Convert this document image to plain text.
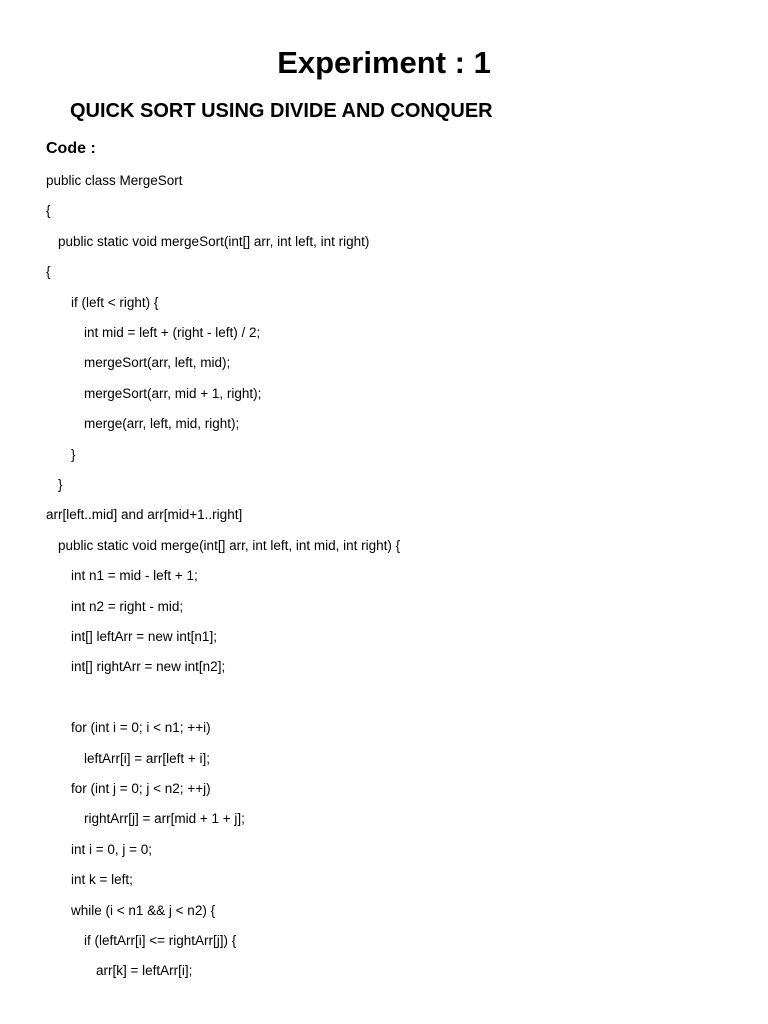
Experiment : 1
QUICK SORT USING DIVIDE AND CONQUER
Code :
public class MergeSort
{
public static void mergeSort(int[] arr, int left, int right)
{
if (left < right) {
int mid = left + (right - left) / 2;
mergeSort(arr, left, mid);
mergeSort(arr, mid + 1, right);
merge(arr, left, mid, right);
}
}
arr[left..mid] and arr[mid+1..right]
public static void merge(int[] arr, int left, int mid, int right) {
int n1 = mid - left + 1;
int n2 = right - mid;
int[] leftArr = new int[n1];
int[] rightArr = new int[n2];
for (int i = 0; i < n1; ++i)
leftArr[i] = arr[left + i];
for (int j = 0; j < n2; ++j)
rightArr[j] = arr[mid + 1 + j];
int i = 0, j = 0;
int k = left;
while (i < n1 && j < n2) {
if (leftArr[i] <= rightArr[j]) {
arr[k] = leftArr[i];
